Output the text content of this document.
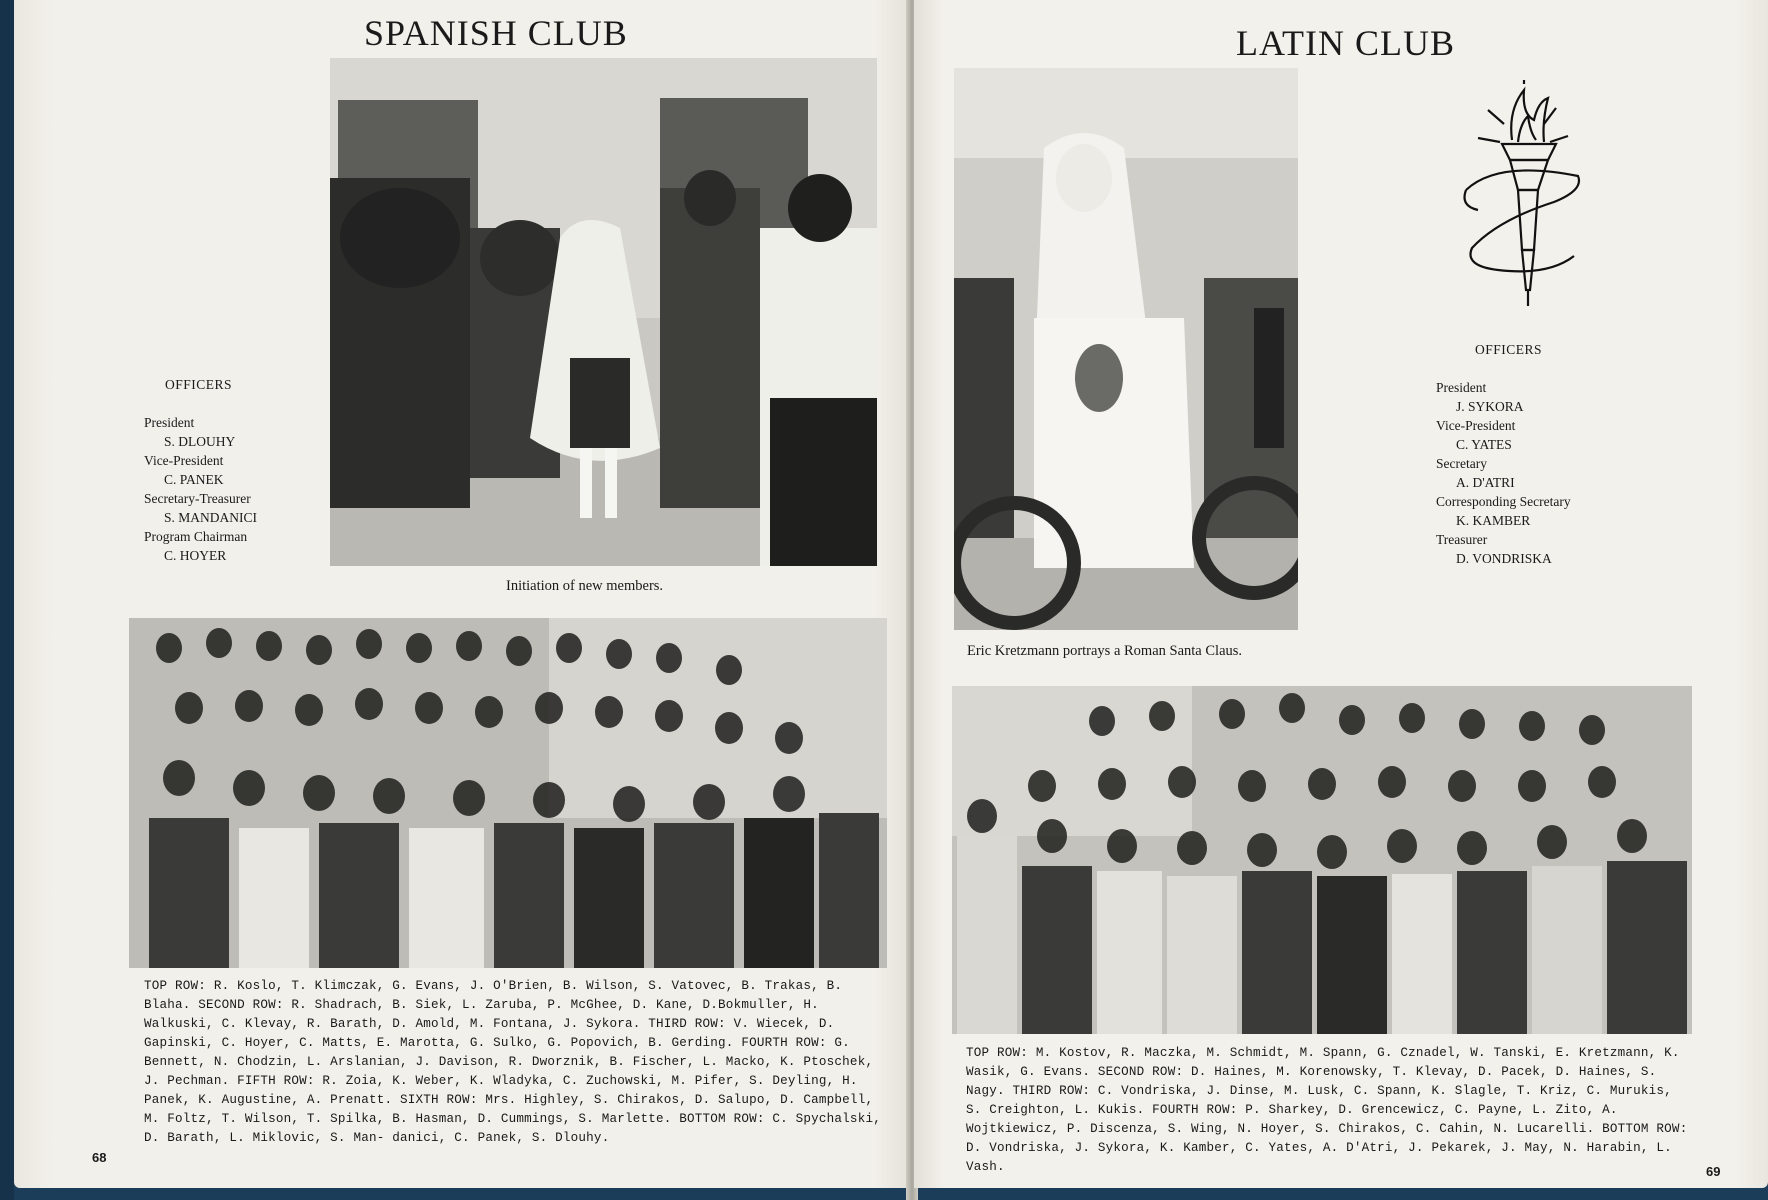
SPANISH CLUB
Initiation of new members.
OFFICERS
President
S. DLOUHY
Vice-President
C. PANEK
Secretary-Treasurer
S. MANDANICI
Program Chairman
C. HOYER
TOP ROW: R. Koslo, T. Klimczak, G. Evans, J. O'Brien, B. Wilson, S. Vatovec, B. Trakas, B. Blaha. SECOND ROW: R. Shadrach, B. Siek, L. Zaruba, P. McGhee, D. Kane, D.Bokmuller, H. Walkuski, C. Klevay, R. Barath, D. Amold, M. Fontana, J. Sykora. THIRD ROW: V. Wiecek, D. Gapinski, C. Hoyer, C. Matts, E. Marotta, G. Sulko, G. Popovich, B. Gerding. FOURTH ROW: G. Bennett, N. Chodzin, L. Arslanian, J. Davison, R. Dworznik, B. Fischer, L. Macko, K. Ptoschek, J. Pechman. FIFTH ROW: R. Zoia, K. Weber, K. Wladyka, C. Zuchowski, M. Pifer, S. Deyling, H. Panek, K. Augustine, A. Prenatt. SIXTH ROW: Mrs. Highley, S. Chirakos, D. Salupo, D. Campbell, M. Foltz, T. Wilson, T. Spilka, B. Hasman, D. Cummings, S. Marlette. BOTTOM ROW: C. Spychalski, D. Barath, L. Miklovic, S. Man- danici, C. Panek, S. Dlouhy.
68
LATIN CLUB
Eric Kretzmann portrays a Roman Santa Claus.
OFFICERS
President
J. SYKORA
Vice-President
C. YATES
Secretary
A. D'ATRI
Corresponding Secretary
K. KAMBER
Treasurer
D. VONDRISKA
TOP ROW: M. Kostov, R. Maczka, M. Schmidt, M. Spann, G. Cznadel, W. Tanski, E. Kretzmann, K. Wasik, G. Evans. SECOND ROW: D. Haines, M. Korenowsky, T. Klevay, D. Pacek, D. Haines, S. Nagy. THIRD ROW: C. Vondriska, J. Dinse, M. Lusk, C. Spann, K. Slagle, T. Kriz, C. Murukis, S. Creighton, L. Kukis. FOURTH ROW: P. Sharkey, D. Grencewicz, C. Payne, L. Zito, A. Wojtkiewicz, P. Discenza, S. Wing, N. Hoyer, S. Chirakos, C. Cahin, N. Lucarelli. BOTTOM ROW: D. Vondriska, J. Sykora, K. Kamber, C. Yates, A. D'Atri, J. Pekarek, J. May, N. Harabin, L. Vash.	69
